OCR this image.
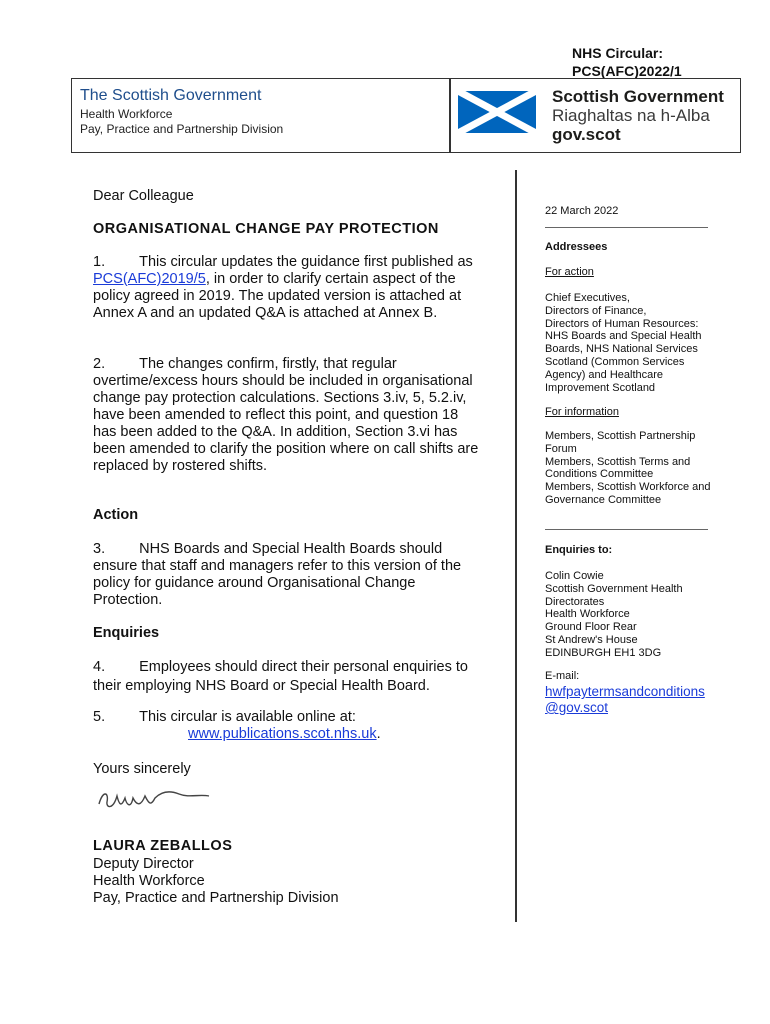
NHS Circular:
PCS(AFC)2022/1
The Scottish Government
Health Workforce
Pay, Practice and Partnership Division
Scottish Government
Riaghaltas na h-Alba
gov.scot
Dear Colleague
ORGANISATIONAL CHANGE PAY PROTECTION
1. This circular updates the guidance first published as PCS(AFC)2019/5, in order to clarify certain aspect of the policy agreed in 2019. The updated version is attached at Annex A and an updated Q&A is attached at Annex B.
2. The changes confirm, firstly, that regular overtime/excess hours should be included in organisational change pay protection calculations. Sections 3.iv, 5, 5.2.iv, have been amended to reflect this point, and question 18 has been added to the Q&A. In addition, Section 3.vi has been amended to clarify the position where on call shifts are replaced by rostered shifts.
Action
3. NHS Boards and Special Health Boards should ensure that staff and managers refer to this version of the policy for guidance around Organisational Change Protection.
Enquiries
4. Employees should direct their personal enquiries to their employing NHS Board or Special Health Board.
5. This circular is available online at:
www.publications.scot.nhs.uk.
Yours sincerely
LAURA ZEBALLOS
Deputy Director
Health Workforce
Pay, Practice and Partnership Division
22 March 2022
Addressees
For action
Chief Executives,
Directors of Finance,
Directors of Human Resources:
NHS Boards and Special Health
Boards, NHS National Services
Scotland (Common Services
Agency) and Healthcare
Improvement Scotland
For information
Members, Scottish Partnership
Forum
Members, Scottish Terms and
Conditions Committee
Members, Scottish Workforce and
Governance Committee
Enquiries to:
Colin Cowie
Scottish Government Health
Directorates
Health Workforce
Ground Floor Rear
St Andrew's House
EDINBURGH EH1 3DG
E-mail:
hwfpaytermsandconditions
@gov.scot
